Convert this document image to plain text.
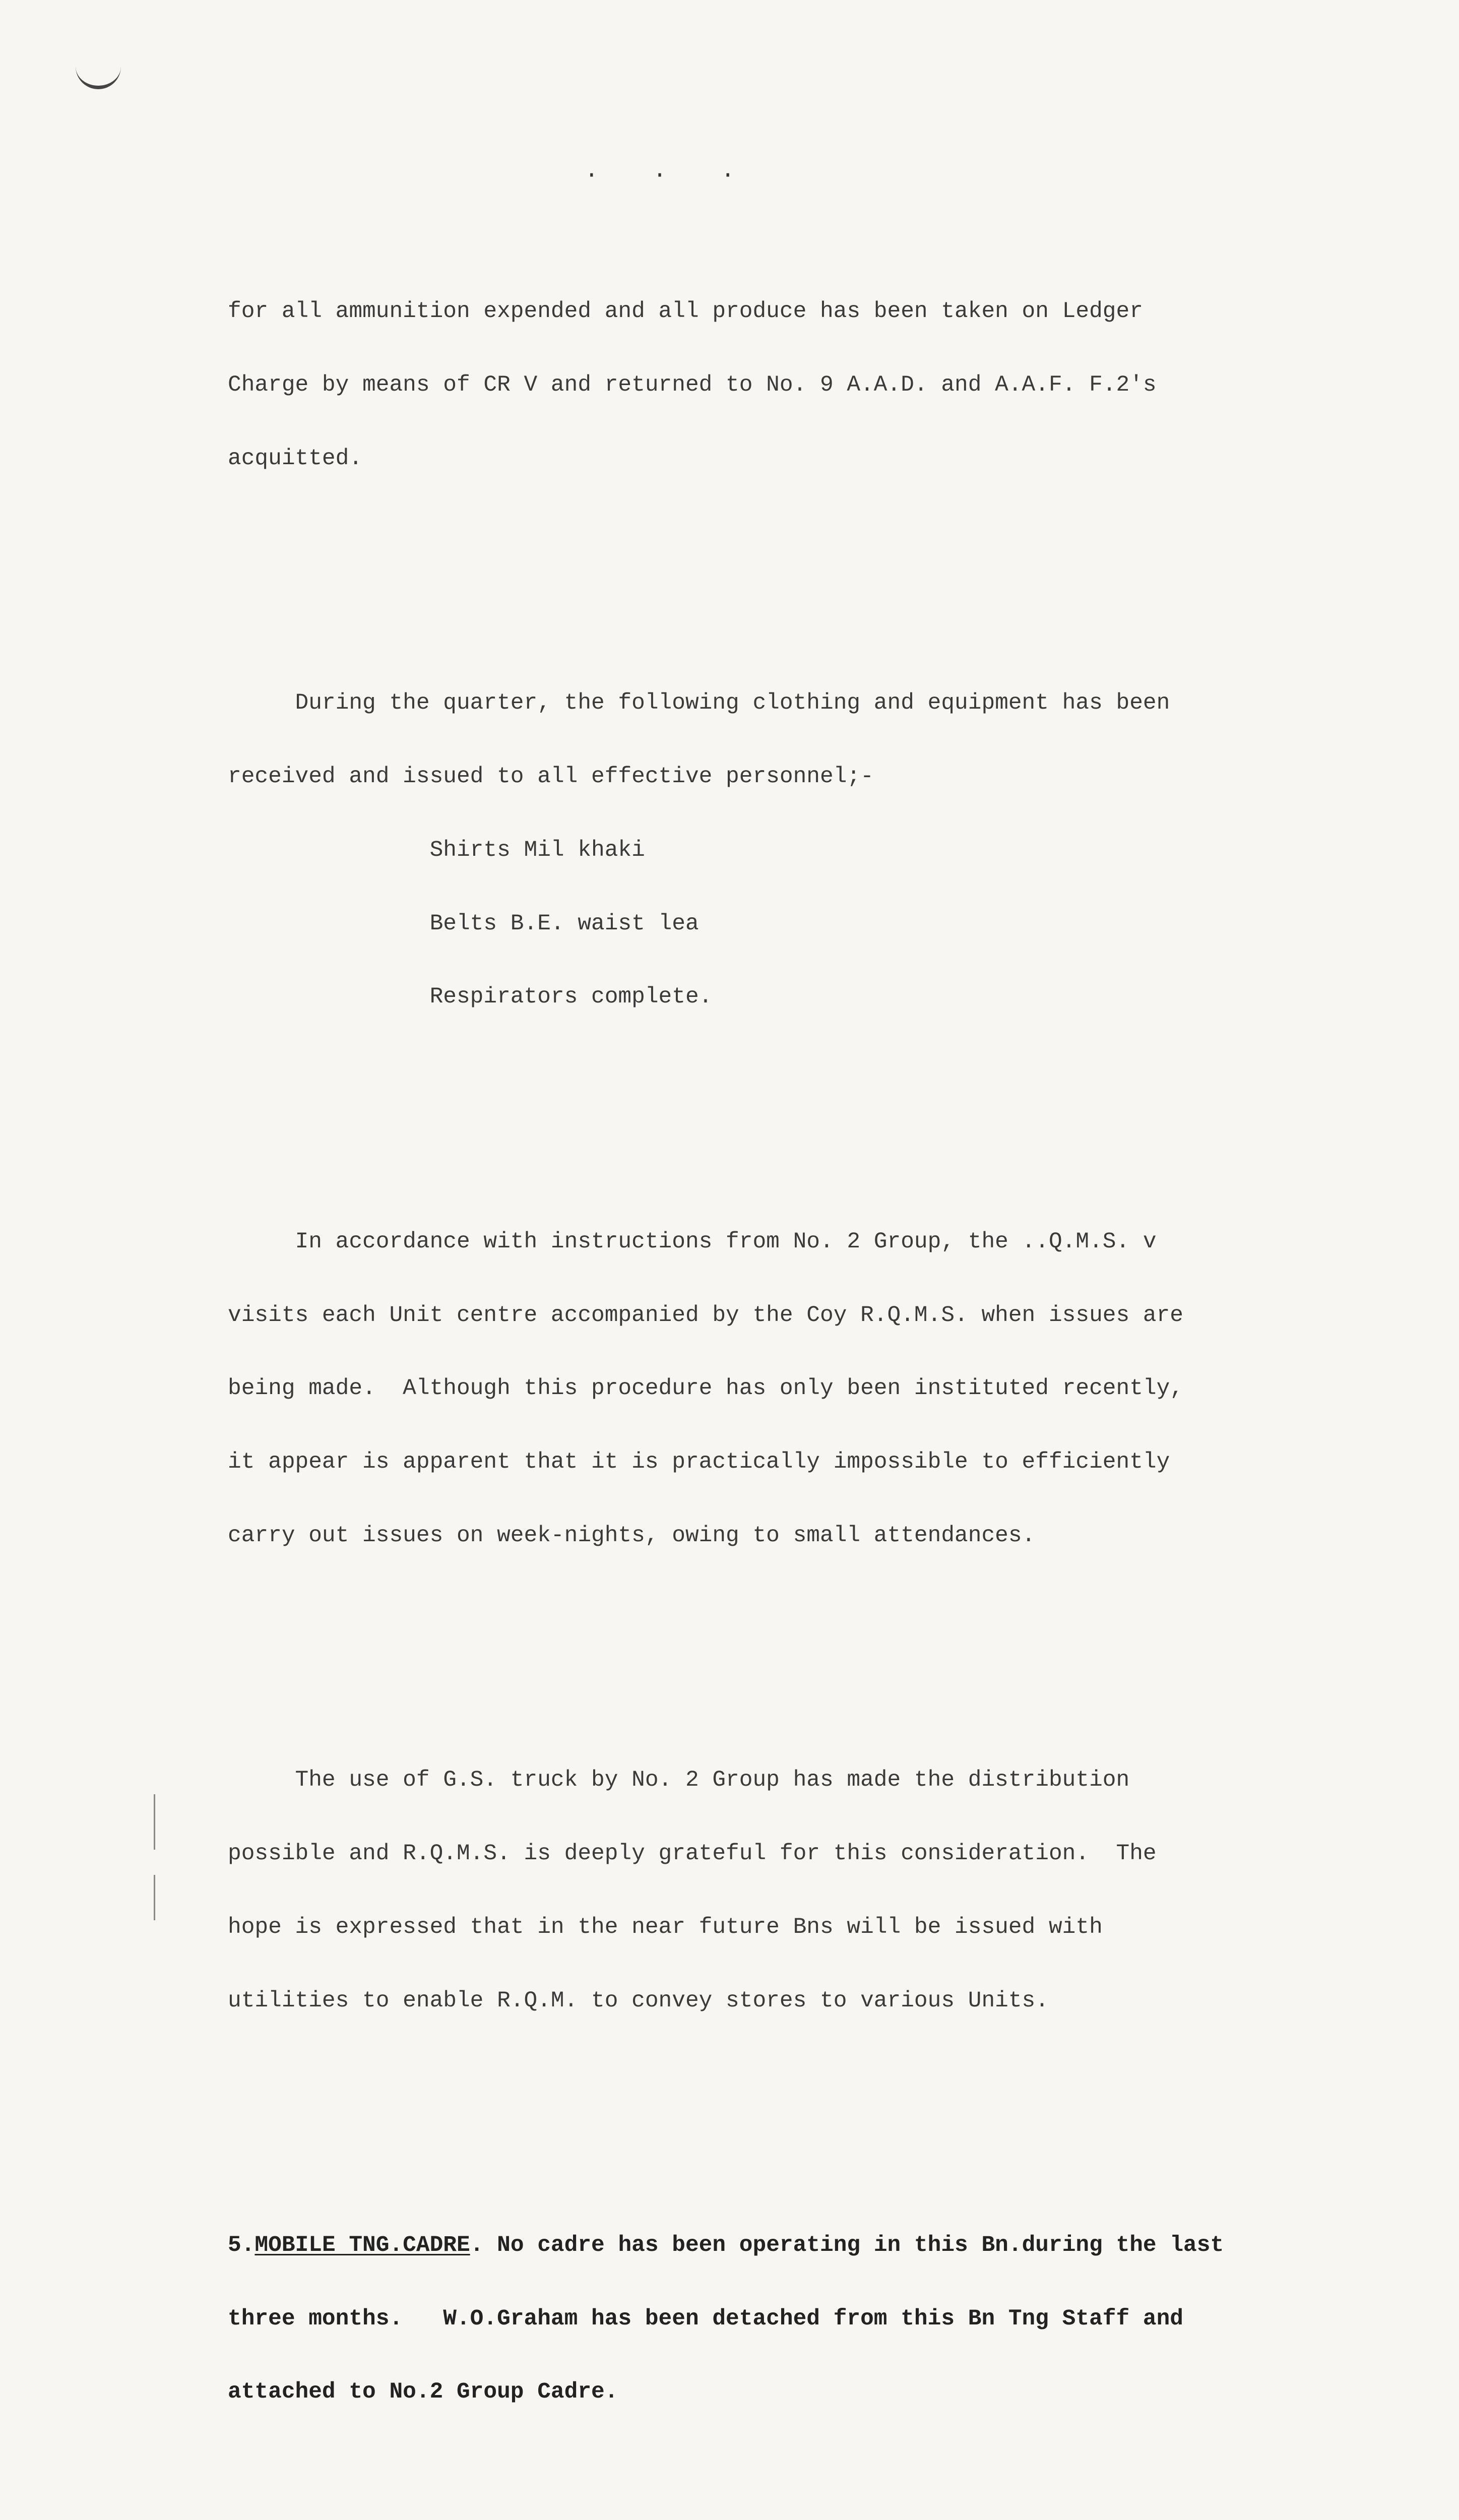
· · ·

for all ammunition expended and all produce has been taken on Ledger

Charge by means of CR V and returned to No. 9 A.A.D. and A.A.F. F.2's

acquitted.

During the quarter, the following clothing and equipment has been

received and issued to all effective personnel;-

Shirts Mil khaki

Belts B.E. waist lea

Respirators complete.

In accordance with instructions from No. 2 Group, the ..Q.M.S. v

visits each Unit centre accompanied by the Coy R.Q.M.S. when issues are

being made.  Although this procedure has only been instituted recently,

it appear is apparent that it is practically impossible to efficiently

carry out issues on week-nights, owing to small attendances.

The use of G.S. truck by No. 2 Group has made the distribution

possible and R.Q.M.S. is deeply grateful for this consideration.  The

hope is expressed that in the near future Bns will be issued with

utilities to enable R.Q.M. to convey stores to various Units.

5.MOBILE TNG.CADRE. No cadre has been operating in this Bn.during the last

three months.   W.O.Graham has been detached from this Bn Tng Staff and

attached to No.2 Group Cadre.
